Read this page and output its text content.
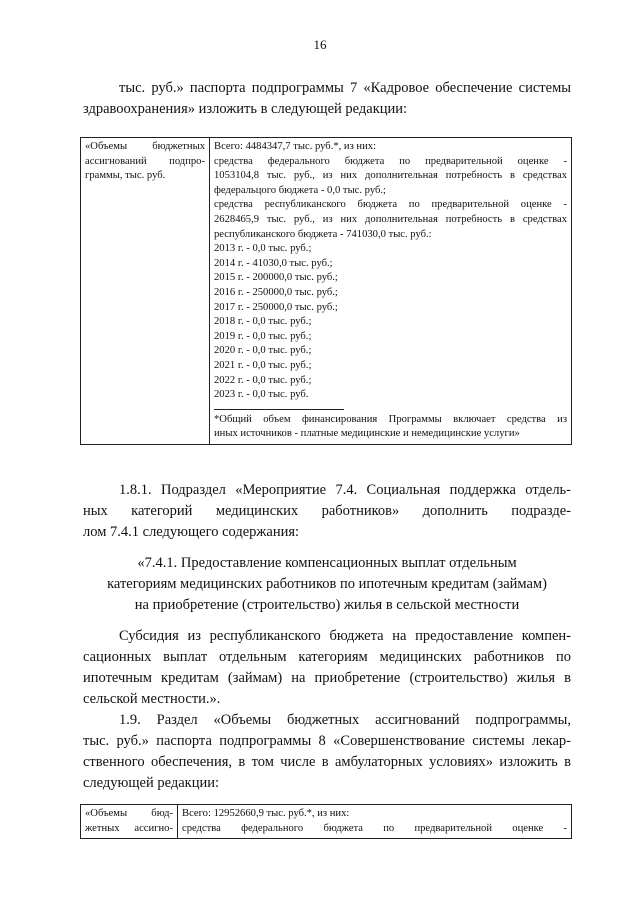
16
тыс. руб.» паспорта подпрограммы 7 «Кадровое обеспечение системы
здравоохранения» изложить в следующей редакции:
«Объемы бюджетных
ассигнований подпро-
граммы, тыс. руб.

Всего: 4484347,7 тыс. руб.*, из них:
средства федерального бюджета по предварительной оценке -
1053104,8 тыс. руб., из них дополнительная потребность в средствах
федеральцого бюджета - 0,0 тыс. руб.;
средства республиканского бюджета по предварительной оценке -
2628465,9 тыс. руб., из них дополнительная потребность в средствах
республиканского бюджета - 741030,0 тыс. руб.:
2013 г. - 0,0 тыс. руб.;
2014 г. - 41030,0 тыс. руб.;
2015 г. - 200000,0 тыс. руб.;
2016 г. - 250000,0 тыс. руб.;
2017 г. - 250000,0 тыс. руб.;
2018 г. - 0,0 тыс. руб.;
2019 г. - 0,0 тыс. руб.;
2020 г. - 0,0 тыс. руб.;
2021 г. - 0,0 тыс. руб.;
2022 г. - 0,0 тыс. руб.;
2023 г. - 0,0 тыс. руб.
*Общий объем финансирования Программы включает средства из
иных источников - платные медицинские и немедицинские услуги»
1.8.1. Подраздел «Мероприятие 7.4. Социальная поддержка отдель-
ных категорий медицинских работников» дополнить подразде-
лом 7.4.1 следующего содержания:
«7.4.1. Предоставление компенсационных выплат отдельным
категориям медицинских работников по ипотечным кредитам (займам)
на приобретение (строительство) жилья в сельской местности
Субсидия из республиканского бюджета на предоставление компен-
сационных выплат отдельным категориям медицинских работников по
ипотечным кредитам (займам) на приобретение (строительство) жилья в
сельской местности.».
1.9. Раздел «Объемы бюджетных ассигнований подпрограммы,
тыс. руб.» паспорта подпрограммы 8 «Совершенствование системы лекар-
ственного обеспечения, в том числе в амбулаторных условиях» изложить в
следующей редакции:
«Объемы бюд-
жетных ассигно-

Всего: 12952660,9 тыс. руб.*, из них:
средства федерального бюджета по предварительной оценке -
